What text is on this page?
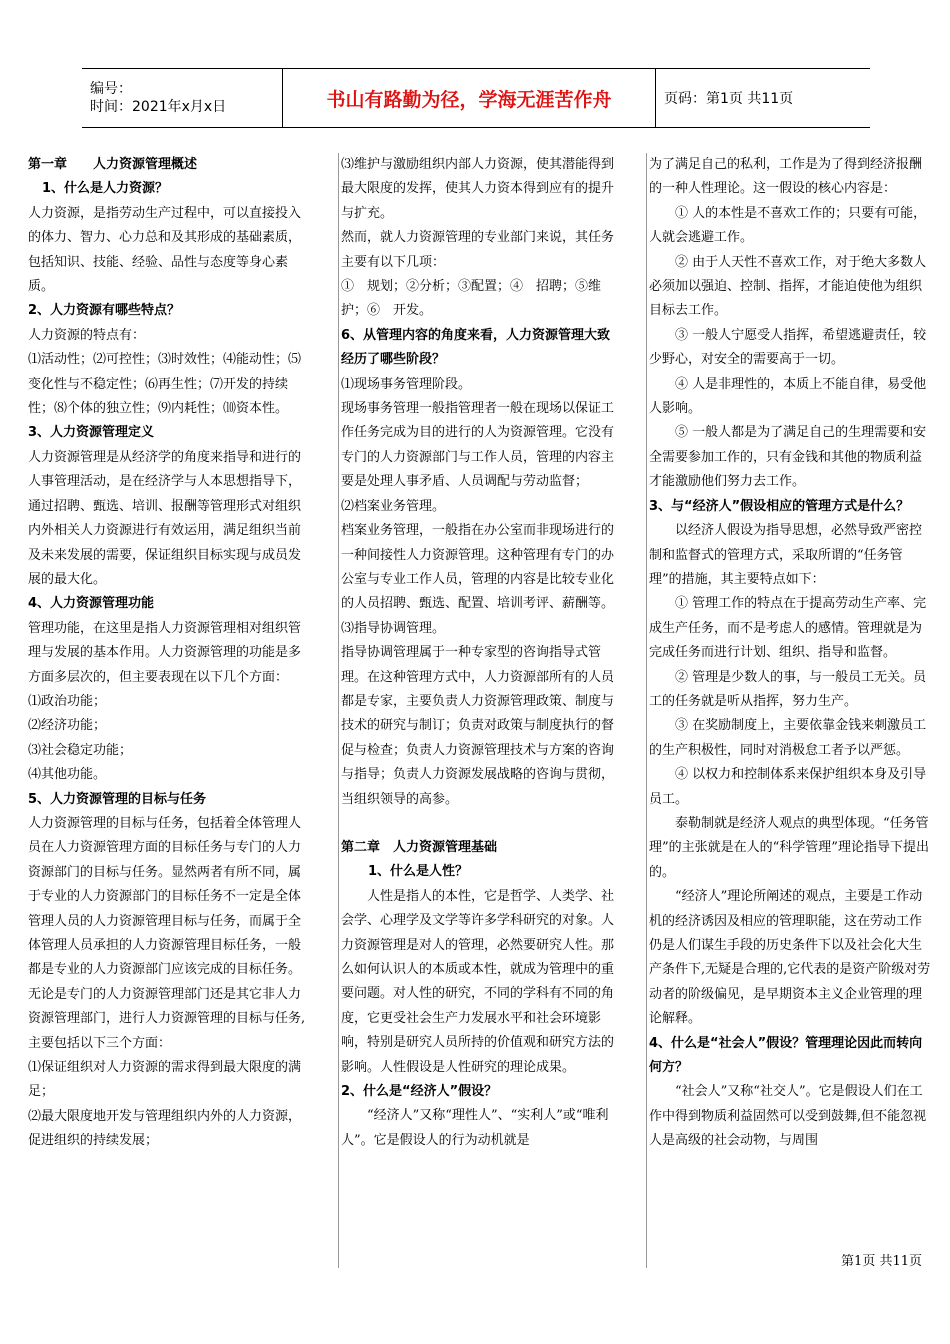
编号：
时间：2021年x月x日	书山有路勤为径，学海无涯苦作舟	页码：第1页 共11页

第一章　　人力资源管理概述

1、什么是人力资源？

人力资源，是指劳动生产过程中，可以直接投入的体力、智力、心力总和及其形成的基础素质，包括知识、技能、经验、品性与态度等身心素质。

2、人力资源有哪些特点？

人力资源的特点有：

⑴活动性；⑵可控性；⑶时效性；⑷能动性；⑸变化性与不稳定性；⑹再生性；⑺开发的持续性；⑻个体的独立性；⑼内耗性；⑽资本性。

3、人力资源管理定义

人力资源管理是从经济学的角度来指导和进行的人事管理活动，是在经济学与人本思想指导下，通过招聘、甄选、培训、报酬等管理形式对组织内外相关人力资源进行有效运用，满足组织当前及未来发展的需要，保证组织目标实现与成员发展的最大化。

4、人力资源管理功能

管理功能，在这里是指人力资源管理相对组织管理与发展的基本作用。人力资源管理的功能是多方面多层次的，但主要表现在以下几个方面：

⑴政治功能；

⑵经济功能；

⑶社会稳定功能；

⑷其他功能。

5、人力资源管理的目标与任务

人力资源管理的目标与任务，包括着全体管理人员在人力资源管理方面的目标任务与专门的人力资源部门的目标与任务。显然两者有所不同，属于专业的人力资源部门的目标任务不一定是全体管理人员的人力资源管理目标与任务，而属于全体管理人员承担的人力资源管理目标任务，一般都是专业的人力资源部门应该完成的目标任务。

无论是专门的人力资源管理部门还是其它非人力资源管理部门，进行人力资源管理的目标与任务,主要包括以下三个方面：

⑴保证组织对人力资源的需求得到最大限度的满足；

⑵最大限度地开发与管理组织内外的人力资源，促进组织的持续发展；

⑶维护与激励组织内部人力资源，使其潜能得到最大限度的发挥，使其人力资本得到应有的提升与扩充。

然而，就人力资源管理的专业部门来说，其任务主要有以下几项：

①　规划；②分析；③配置；④　招聘；⑤维护；⑥　开发。

6、从管理内容的角度来看，人力资源管理大致经历了哪些阶段？

⑴现场事务管理阶段。

现场事务管理一般指管理者一般在现场以保证工作任务完成为目的进行的人为资源管理。它没有专门的人力资源部门与工作人员，管理的内容主要是处理人事矛盾、人员调配与劳动监督；

⑵档案业务管理。

档案业务管理，一般指在办公室而非现场进行的一种间接性人力资源管理。这种管理有专门的办公室与专业工作人员，管理的内容是比较专业化的人员招聘、甄选、配置、培训考评、薪酬等。

⑶指导协调管理。

指导协调管理属于一种专家型的咨询指导式管理。在这种管理方式中，人力资源部所有的人员都是专家，主要负责人力资源管理政策、制度与技术的研究与制订；负责对政策与制度执行的督促与检查；负责人力资源管理技术与方案的咨询与指导；负责人力资源发展战略的咨询与贯彻，当组织领导的高参。

第二章　人力资源管理基础

　1、什么是人性？

人性是指人的本性，它是哲学、人类学、社会学、心理学及文学等许多学科研究的对象。人力资源管理是对人的管理，必然要研究人性。那么如何认识人的本质或本性，就成为管理中的重要问题。对人性的研究，不同的学科有不同的角度，它更受社会生产力发展水平和社会环境影响，特别是研究人员所持的价值观和研究方法的影响。人性假设是人性研究的理论成果。

2、什么是“经济人”假设？

“经济人”又称“理性人”、“实利人”或“唯利人”。它是假设人的行为动机就是

为了满足自己的私利，工作是为了得到经济报酬的一种人性理论。这一假设的核心内容是：

① 人的本性是不喜欢工作的；只要有可能，人就会逃避工作。

② 由于人天性不喜欢工作，对于绝大多数人必须加以强迫、控制、指挥，才能迫使他为组织目标去工作。

③ 一般人宁愿受人指挥，希望逃避责任，较少野心，对安全的需要高于一切。

④ 人是非理性的，本质上不能自律，易受他人影响。

⑤ 一般人都是为了满足自己的生理需要和安全需要参加工作的，只有金钱和其他的物质利益才能激励他们努力去工作。

3、与“经济人”假设相应的管理方式是什么？

以经济人假设为指导思想，必然导致严密控制和监督式的管理方式，采取所谓的“任务管理”的措施，其主要特点如下：

① 管理工作的特点在于提高劳动生产率、完成生产任务，而不是考虑人的感情。管理就是为完成任务而进行计划、组织、指导和监督。

② 管理是少数人的事，与一般员工无关。员工的任务就是听从指挥，努力生产。

③ 在奖励制度上，主要依靠金钱来刺激员工的生产积极性，同时对消极怠工者予以严惩。

④ 以权力和控制体系来保护组织本身及引导员工。

泰勒制就是经济人观点的典型体现。“任务管理”的主张就是在人的“科学管理”理论指导下提出的。

“经济人”理论所阐述的观点，主要是工作动机的经济诱因及相应的管理职能，这在劳动工作仍是人们谋生手段的历史条件下以及社会化大生产条件下,无疑是合理的,它代表的是资产阶级对劳动者的阶级偏见，是早期资本主义企业管理的理论解释。

4、什么是“社会人”假设？管理理论因此而转向何方？

“社会人”又称“社交人”。它是假设人们在工作中得到物质利益固然可以受到鼓舞,但不能忽视人是高级的社会动物，与周围

第1页 共11页
